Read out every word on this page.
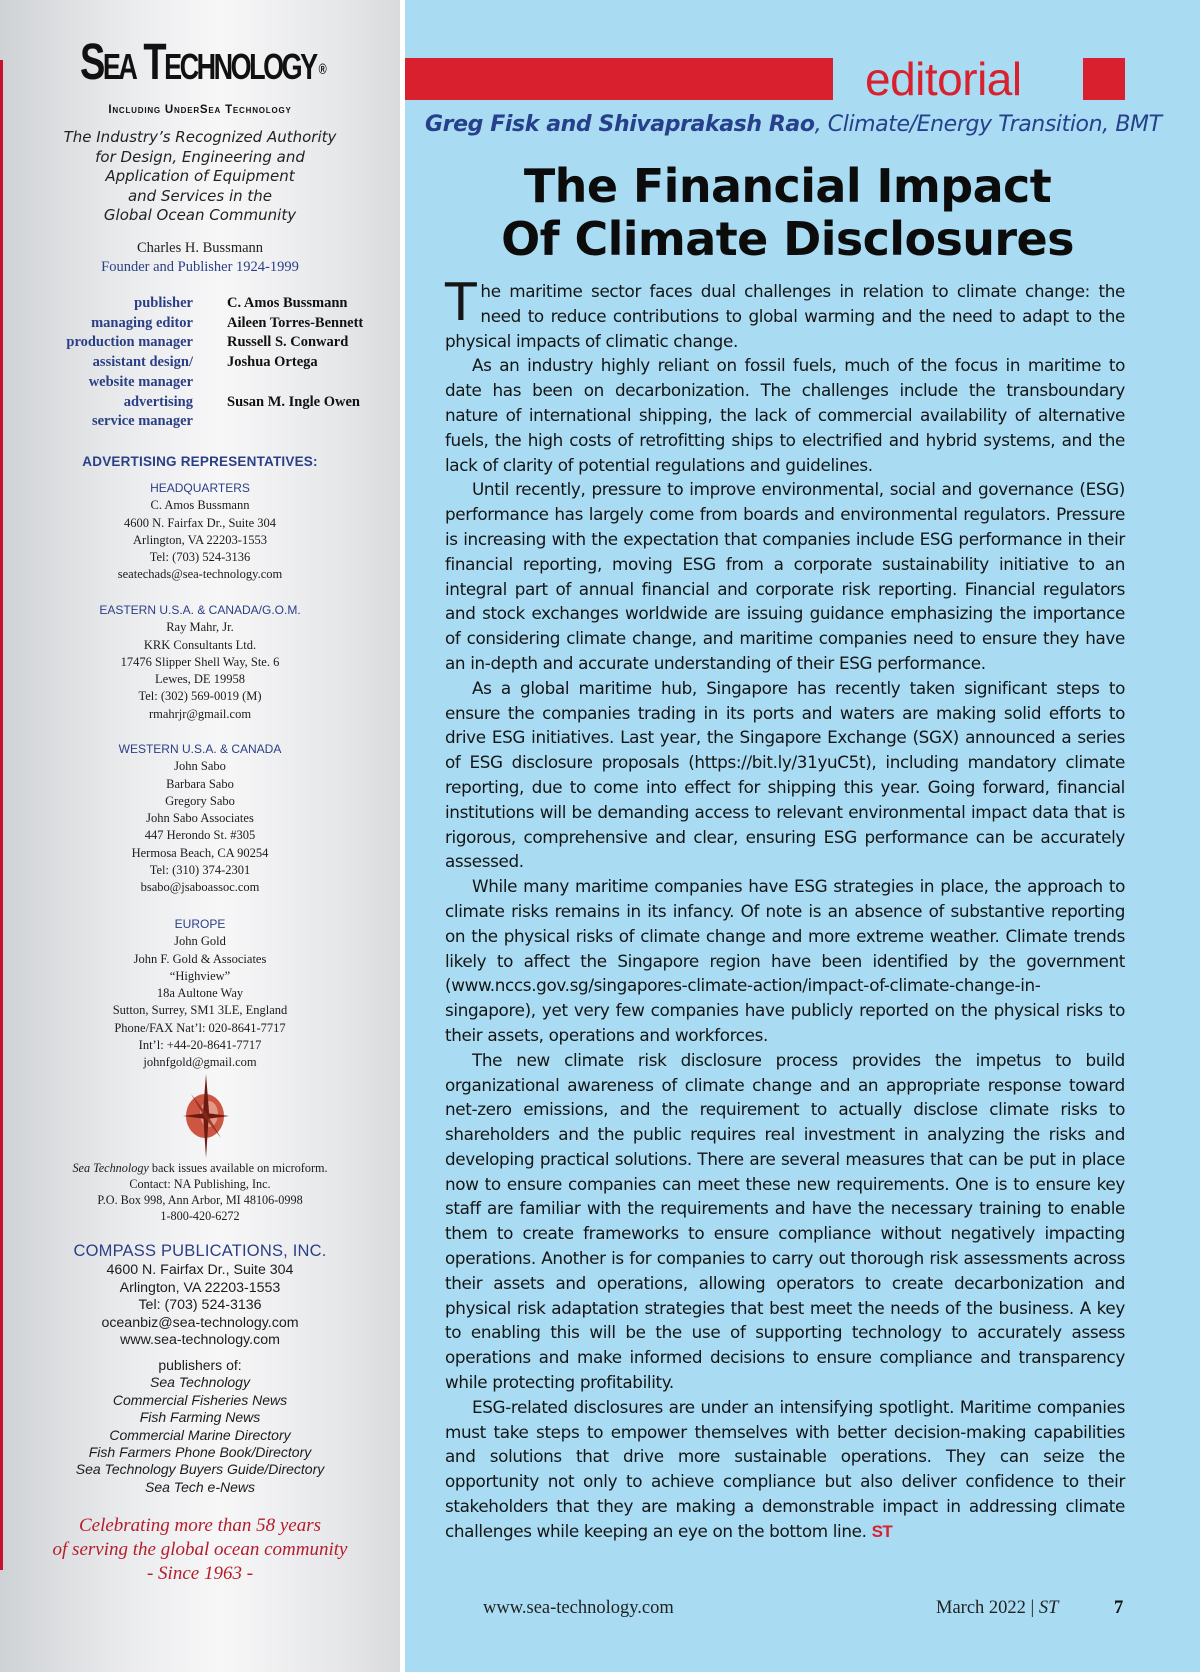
Sea Technology ®
Including UnderSea Technology
The Industry’s Recognized Authority
for Design, Engineering and
Application of Equipment
and Services in the
Global Ocean Community
Charles H. Bussmann
Founder and Publisher 1924-1999
publisher	C. Amos Bussmann
managing editor	Aileen Torres-Bennett
production manager	Russell S. Conward
assistant design/	Joshua Ortega
website manager
advertising	Susan M. Ingle Owen
service manager
ADVERTISING REPRESENTATIVES:
HEADQUARTERS
C. Amos Bussmann
4600 N. Fairfax Dr., Suite 304
Arlington, VA 22203-1553
Tel: (703) 524-3136
seatechads@sea-technology.com
EASTERN U.S.A. & CANADA/G.O.M.
Ray Mahr, Jr.
KRK Consultants Ltd.
17476 Slipper Shell Way, Ste. 6
Lewes, DE 19958
Tel: (302) 569-0019 (M)
rmahrjr@gmail.com
WESTERN U.S.A. & CANADA
John Sabo
Barbara Sabo
Gregory Sabo
John Sabo Associates
447 Herondo St. #305
Hermosa Beach, CA 90254
Tel: (310) 374-2301
bsabo@jsaboassoc.com
EUROPE
John Gold
John F. Gold & Associates
“Highview”
18a Aultone Way
Sutton, Surrey, SM1 3LE, England
Phone/FAX Nat’l: 020-8641-7717
Int’l: +44-20-8641-7717
johnfgold@gmail.com
Sea Technology back issues available on microform.
Contact: NA Publishing, Inc.
P.O. Box 998, Ann Arbor, MI 48106-0998
1-800-420-6272
COMPASS PUBLICATIONS, INC.
4600 N. Fairfax Dr., Suite 304
Arlington, VA 22203-1553
Tel: (703) 524-3136
oceanbiz@sea-technology.com
www.sea-technology.com
publishers of:
Sea Technology
Commercial Fisheries News
Fish Farming News
Commercial Marine Directory
Fish Farmers Phone Book/Directory
Sea Technology Buyers Guide/Directory
Sea Tech e-News
Celebrating more than 58 years
of serving the global ocean community
- Since 1963 -
editorial
Greg Fisk and Shivaprakash Rao, Climate/Energy Transition, BMT
The Financial Impact
Of Climate Disclosures

The maritime sector faces dual challenges in relation to climate change: the need to reduce contributions to global warming and the need to adapt to the physical impacts of climatic change.

As an industry highly reliant on fossil fuels, much of the focus in maritime to date has been on decarbonization. The challenges include the transboundary nature of international shipping, the lack of commercial availability of alternative fuels, the high costs of retrofitting ships to electrified and hybrid systems, and the lack of clarity of potential regulations and guidelines.

Until recently, pressure to improve environmental, social and governance (ESG) performance has largely come from boards and environmental regulators. Pressure is increasing with the expectation that companies include ESG performance in their financial reporting, moving ESG from a corporate sustainability initiative to an integral part of annual financial and corporate risk reporting. Financial regulators and stock exchanges worldwide are issuing guidance emphasizing the importance of considering climate change, and maritime companies need to ensure they have an in-depth and accurate understanding of their ESG performance.

As a global maritime hub, Singapore has recently taken significant steps to ensure the companies trading in its ports and waters are making solid efforts to drive ESG initiatives. Last year, the Singapore Exchange (SGX) announced a series of ESG disclosure proposals (https://bit.ly/31yuC5t), including mandatory climate reporting, due to come into effect for shipping this year. Going forward, financial institutions will be demanding access to relevant environmental impact data that is rigorous, comprehensive and clear, ensuring ESG performance can be accurately assessed.

While many maritime companies have ESG strategies in place, the approach to climate risks remains in its infancy. Of note is an absence of substantive reporting on the physical risks of climate change and more extreme weather. Climate trends likely to affect the Singapore region have been identified by the government (www.nccs.gov.sg/singapores-climate-action/impact-of-climate-change-in-singapore), yet very few companies have publicly reported on the physical risks to their assets, operations and workforces.

The new climate risk disclosure process provides the impetus to build organizational awareness of climate change and an appropriate response toward net-zero emissions, and the requirement to actually disclose climate risks to shareholders and the public requires real investment in analyzing the risks and developing practical solutions. There are several measures that can be put in place now to ensure companies can meet these new requirements. One is to ensure key staff are familiar with the requirements and have the necessary training to enable them to create frameworks to ensure compliance without negatively impacting operations. Another is for companies to carry out thorough risk assessments across their assets and operations, allowing operators to create decarbonization and physical risk adaptation strategies that best meet the needs of the business. A key to enabling this will be the use of supporting technology to accurately assess operations and make informed decisions to ensure compliance and transparency while protecting profitability.

ESG-related disclosures are under an intensifying spotlight. Maritime companies must take steps to empower themselves with better decision-making capabilities and solutions that drive more sustainable operations. They can seize the opportunity not only to achieve compliance but also deliver confidence to their stakeholders that they are making a demonstrable impact in addressing climate challenges while keeping an eye on the bottom line. ST

www.sea-technology.com	March 2022 | ST	7
